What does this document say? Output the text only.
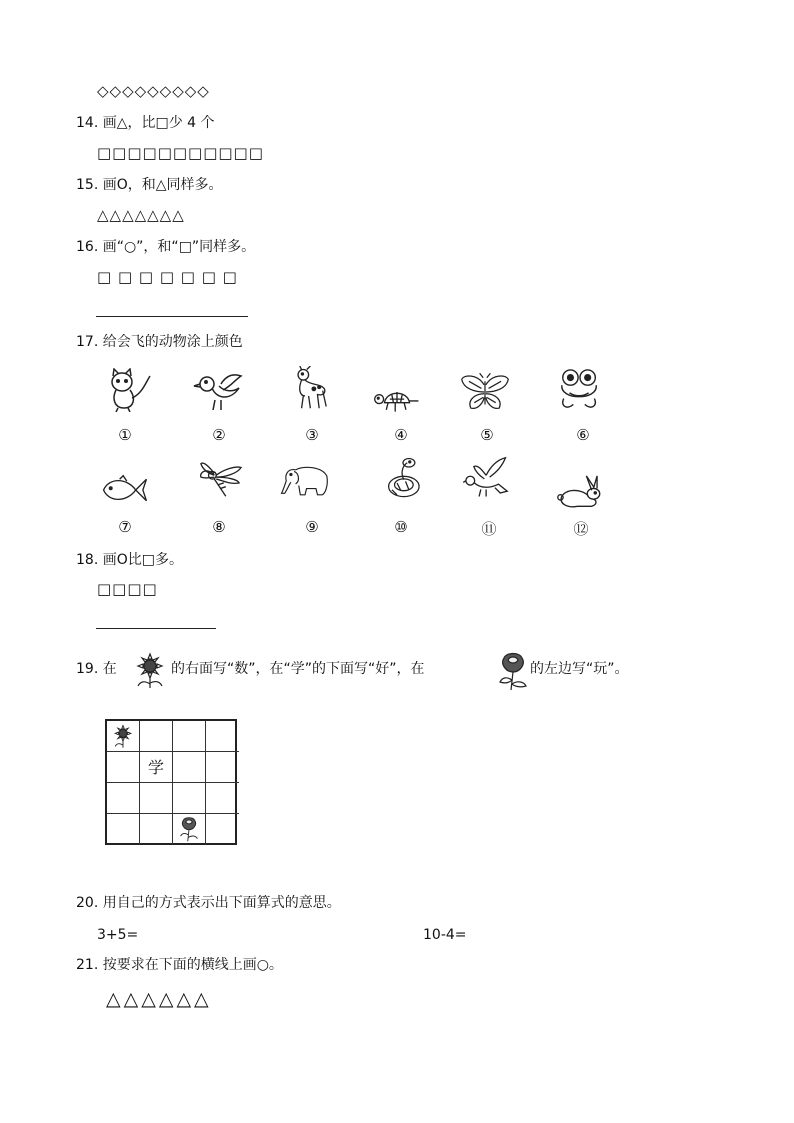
◇◇◇◇◇◇◇◇◇
14. 画△，比□少 4 个
□□□□□□□□□□□
15. 画O，和△同样多。
△△△△△△△
16. 画“○”，和“□”同样多。
□ □ □ □ □ □ □
17. 给会飞的动物涂上颜色
①	②	③	④	⑤	⑥
⑦	⑧	⑨	⑩	⑪	⑫
18. 画O比□多。
□□□□
19. 在	的右面写“数”，在“学”的下面写“好”，在	的左边写“玩”。
学
20. 用自己的方式表示出下面算式的意思。
3+5=	10-4=
21. 按要求在下面的横线上画○。
△△△△△△
